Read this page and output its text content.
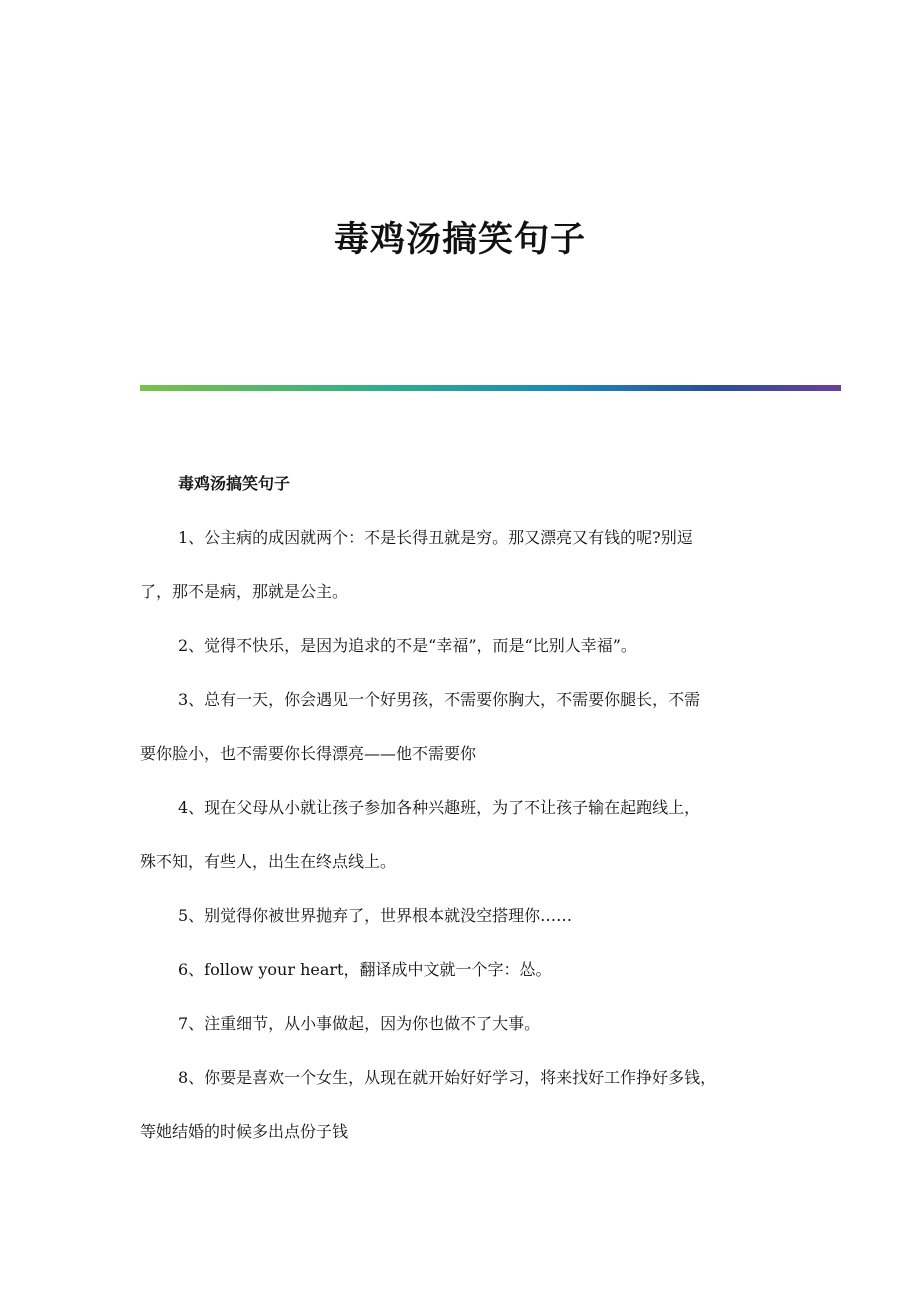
毒鸡汤搞笑句子

毒鸡汤搞笑句子

1、公主病的成因就两个：不是长得丑就是穷。那又漂亮又有钱的呢?别逗
了，那不是病，那就是公主。

2、觉得不快乐，是因为追求的不是“幸福”，而是“比别人幸福”。

3、总有一天，你会遇见一个好男孩，不需要你胸大，不需要你腿长，不需
要你脸小，也不需要你长得漂亮——他不需要你

4、现在父母从小就让孩子参加各种兴趣班，为了不让孩子输在起跑线上，
殊不知，有些人，出生在终点线上。

5、别觉得你被世界抛弃了，世界根本就没空搭理你……

6、follow your heart，翻译成中文就一个字：怂。

7、注重细节，从小事做起，因为你也做不了大事。

8、你要是喜欢一个女生，从现在就开始好好学习，将来找好工作挣好多钱，
等她结婚的时候多出点份子钱
